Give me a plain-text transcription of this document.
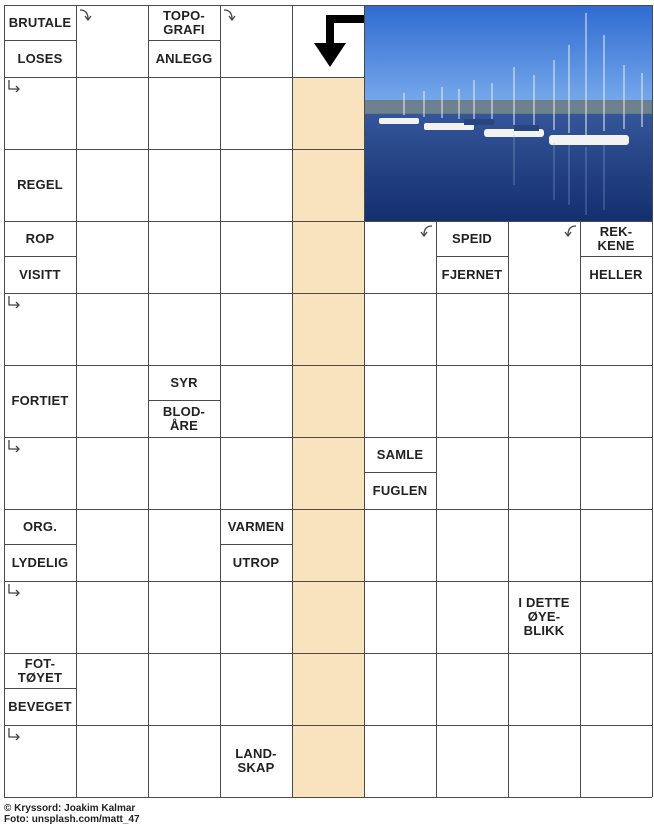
BRUTALE
LOSES
TOPO-
GRAFI
ANLEGG
REGEL
ROP
VISITT
SPEID
FJERNET
REK-
KENE
HELLER
FORTIET
SYR
BLOD-
ÅRE
SAMLE
FUGLEN
ORG.
LYDELIG
VARMEN
UTROP
I DETTE
ØYE-
BLIKK
FOT-
TØYET
BEVEGET
LAND-
SKAP
© Kryssord: Joakim Kalmar
Foto: unsplash.com/matt_47
